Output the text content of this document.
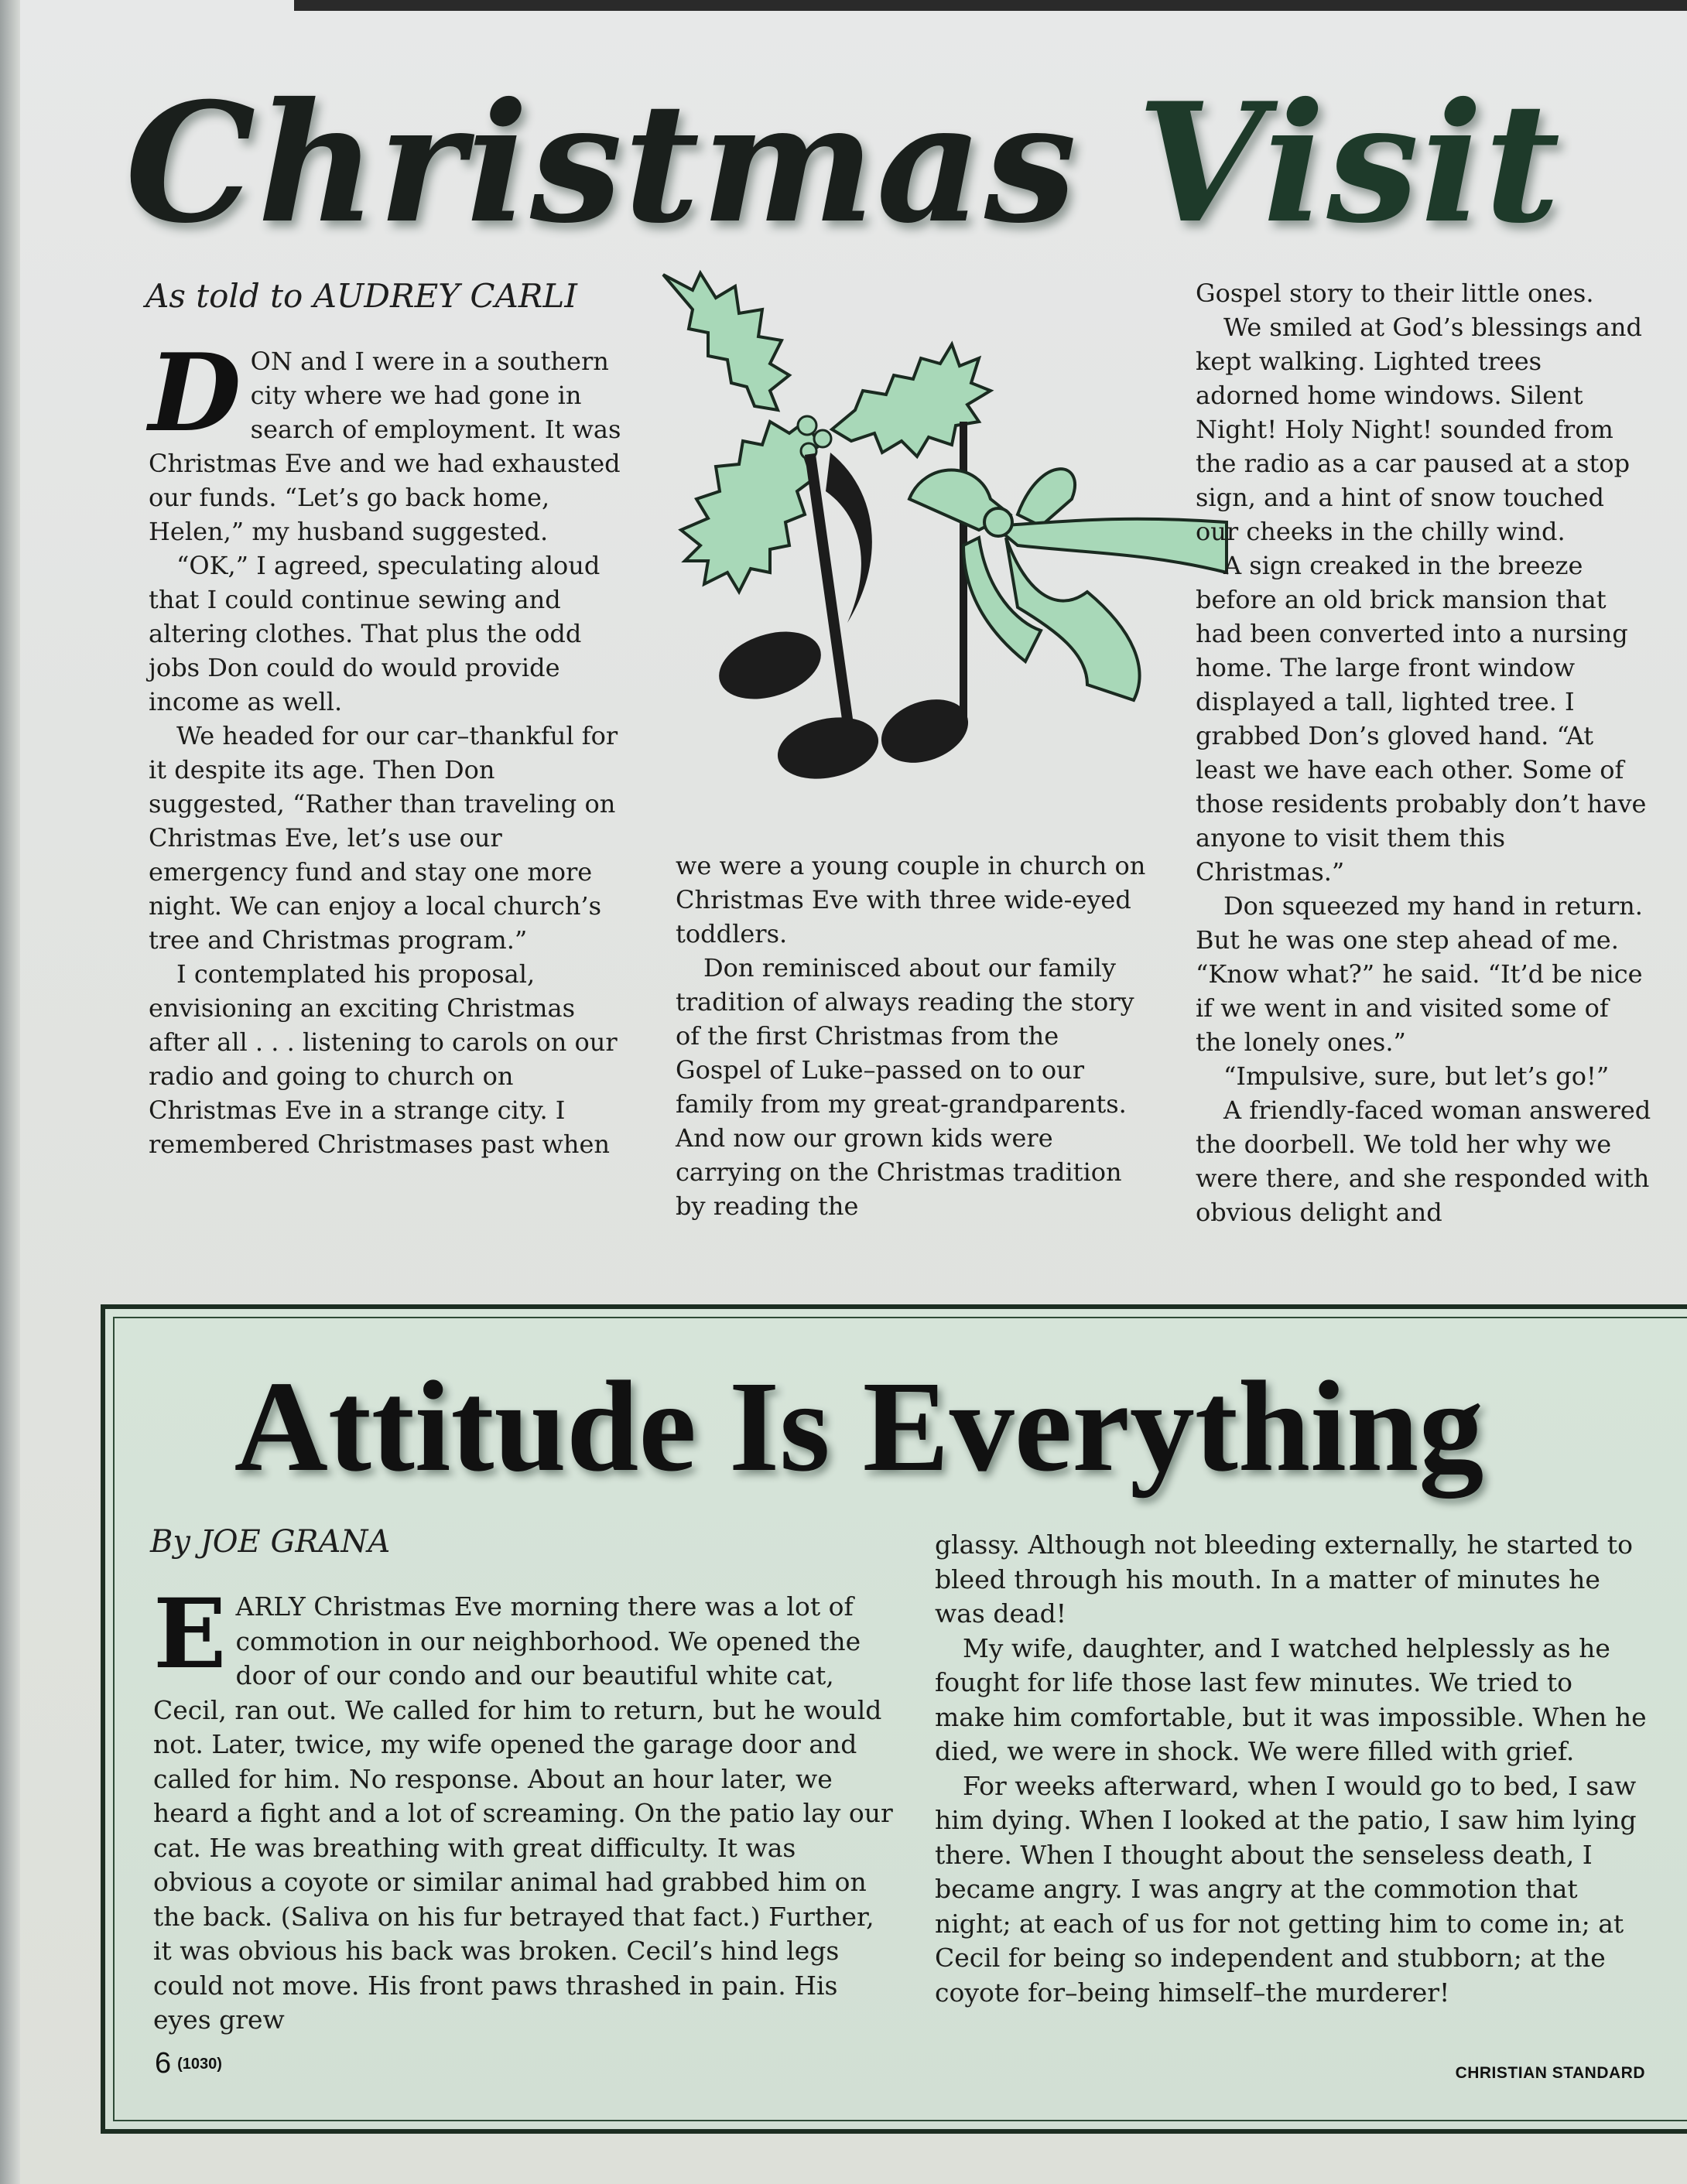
Christmas Visit
As told to AUDREY CARLI

DON and I were in a southern city where we had gone in search of employment. It was Christmas Eve and we had exhausted our funds. “Let’s go back home, Helen,” my husband suggested.

“OK,” I agreed, speculating aloud that I could continue sewing and altering clothes. That plus the odd jobs Don could do would provide income as well.

We headed for our car–thankful for it despite its age. Then Don suggested, “Rather than traveling on Christmas Eve, let’s use our emergency fund and stay one more night. We can enjoy a local church’s tree and Christmas program.”

I contemplated his proposal, envisioning an exciting Christmas after all . . . listening to carols on our radio and going to church on Christmas Eve in a strange city. I remembered Christmases past when

we were a young couple in church on Christmas Eve with three wide-eyed toddlers.

Don reminisced about our family tradition of always reading the story of the first Christmas from the Gospel of Luke–passed on to our family from my great-grandparents. And now our grown kids were carrying on the Christmas tradition by reading the

Gospel story to their little ones.

We smiled at God’s blessings and kept walking. Lighted trees adorned home windows. Silent Night! Holy Night! sounded from the radio as a car paused at a stop sign, and a hint of snow touched our cheeks in the chilly wind.

A sign creaked in the breeze before an old brick mansion that had been converted into a nursing home. The large front window displayed a tall, lighted tree. I grabbed Don’s gloved hand. “At least we have each other. Some of those residents probably don’t have anyone to visit them this Christmas.”

Don squeezed my hand in return. But he was one step ahead of me. “Know what?” he said. “It’d be nice if we went in and visited some of the lonely ones.”

“Impulsive, sure, but let’s go!”

A friendly-faced woman answered the doorbell. We told her why we were there, and she responded with obvious delight and

Attitude Is Everything
By JOE GRANA

EARLY Christmas Eve morning there was a lot of commotion in our neighborhood. We opened the door of our condo and our beautiful white cat, Cecil, ran out. We called for him to return, but he would not. Later, twice, my wife opened the garage door and called for him. No response. About an hour later, we heard a fight and a lot of screaming. On the patio lay our cat. He was breathing with great difficulty. It was obvious a coyote or similar animal had grabbed him on the back. (Saliva on his fur betrayed that fact.) Further, it was obvious his back was broken. Cecil’s hind legs could not move. His front paws thrashed in pain. His eyes grew

glassy. Although not bleeding externally, he started to bleed through his mouth. In a matter of minutes he was dead!

My wife, daughter, and I watched helplessly as he fought for life those last few minutes. We tried to make him comfortable, but it was impossible. When he died, we were in shock. We were filled with grief.

For weeks afterward, when I would go to bed, I saw him dying. When I looked at the patio, I saw him lying there. When I thought about the senseless death, I became angry. I was angry at the commotion that night; at each of us for not getting him to come in; at Cecil for being so independent and stubborn; at the coyote for–being himself–the murderer!

6 (1030)	CHRISTIAN STANDARD
